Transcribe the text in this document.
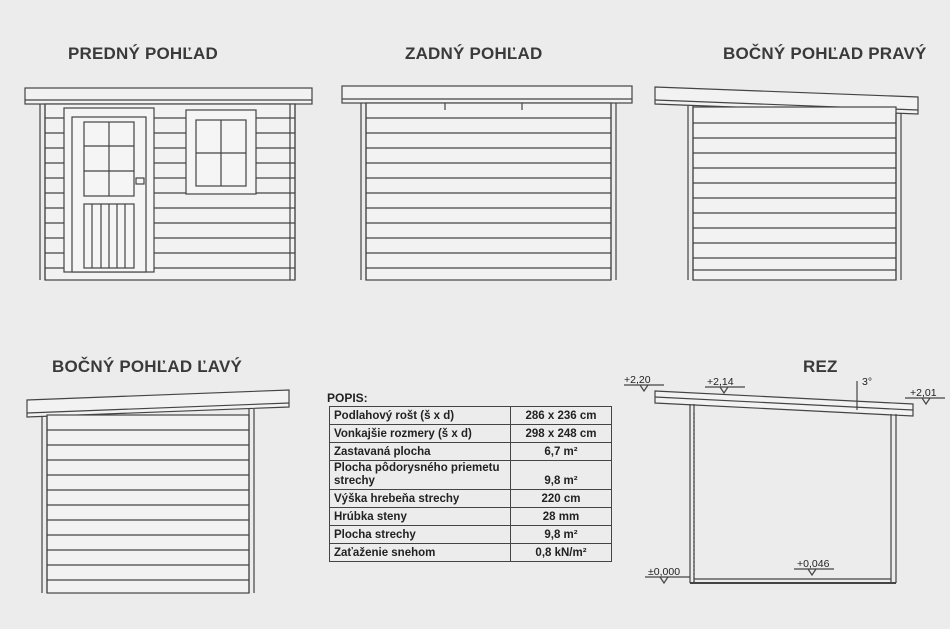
PREDNÝ POHĽAD	ZADNÝ POHĽAD	BOČNÝ POHĽAD PRAVÝ
BOČNÝ POHĽAD ĽAVÝ	REZ
+2,20	+2,14
+2,01
3°
±0,000
+0,046
POPIS:
Podlahový rošt (š x d)	286 x 236 cm
Vonkajšie rozmery (š x d)	298 x 248 cm
Zastavaná plocha	6,7 m²
Plocha pôdorysného priemetu strechy	9,8 m²
Výška hrebeňa strechy	220 cm
Hrúbka steny	28 mm
Plocha strechy	9,8 m²
Zaťaženie snehom	0,8 kN/m²
